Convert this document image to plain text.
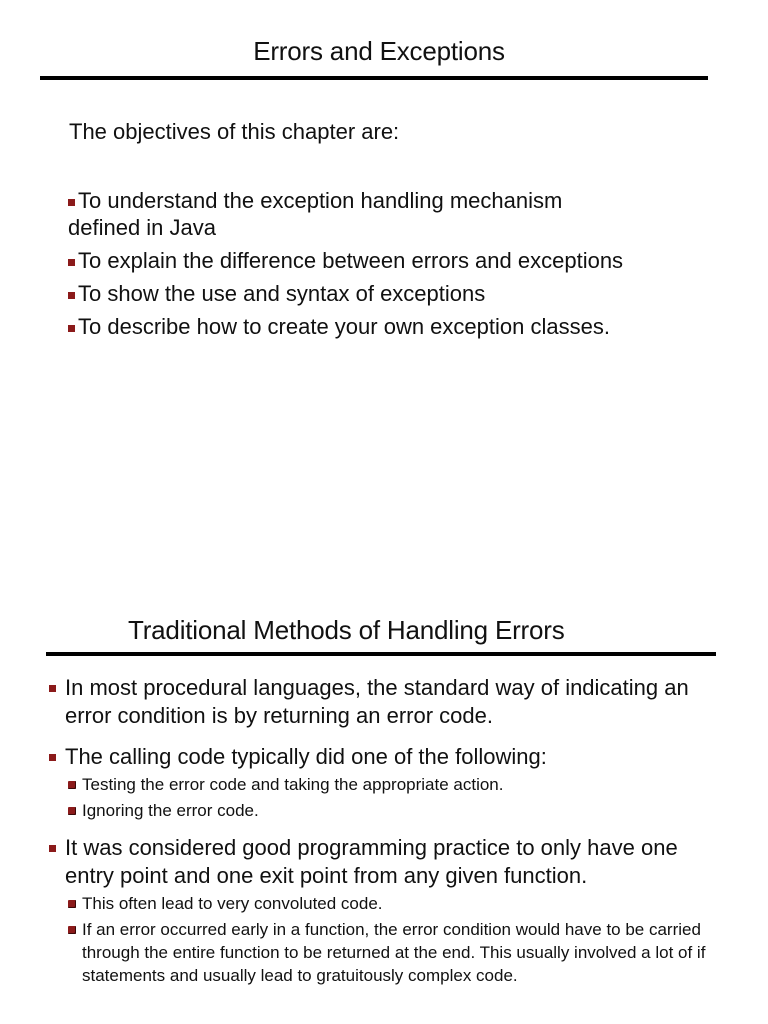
Errors and Exceptions
The objectives of this chapter are:
To understand the exception handling mechanism defined in Java
To explain the difference between errors and exceptions
To show the use and syntax of exceptions
To describe how to create your own exception classes.
Traditional Methods of Handling Errors
In most procedural languages, the standard way of indicating an error condition is by returning an error code.
The calling code typically did one of the following:
Testing the error code and taking the appropriate action.
Ignoring the error code.
It was considered good programming practice to only have one entry point and one exit point from any given function.
This often lead to very convoluted code.
If an error occurred early in a function, the error condition would have to be carried through the entire function to be returned at the end. This usually involved a lot of if statements and usually lead to gratuitously complex code.
